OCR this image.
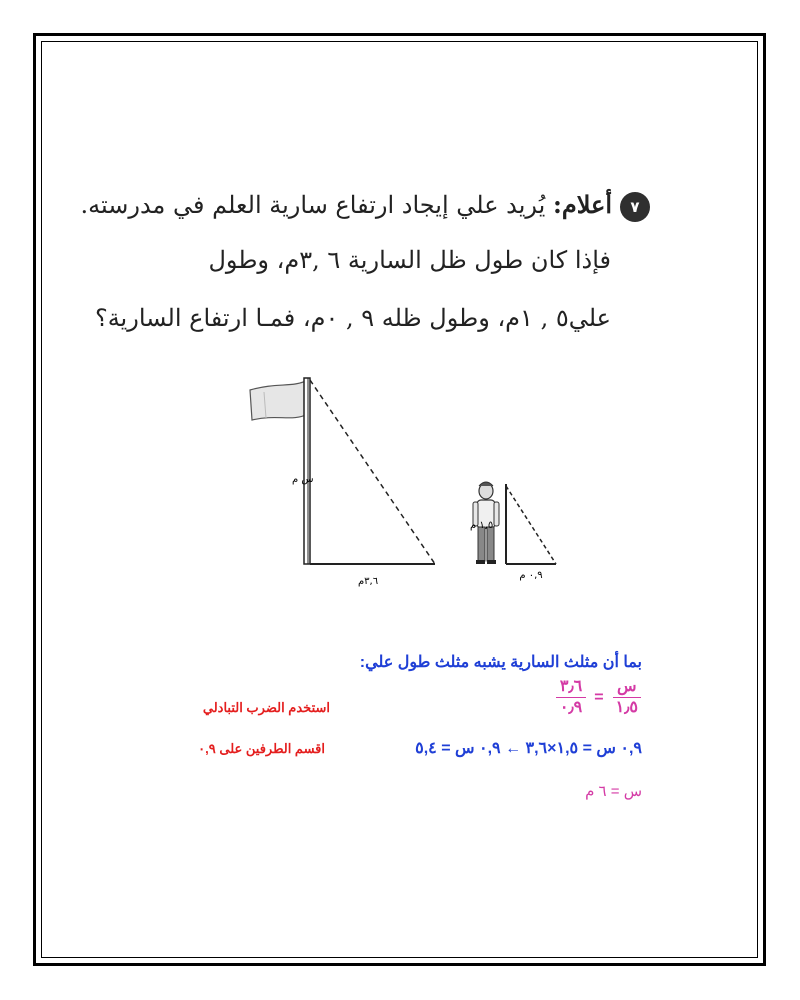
٧أعلام: يُريد علي إيجاد ارتفاع سارية العلم في مدرسته.
فإذا كان طول ظل السارية ٦ ,٣م، وطول
علي٥ , ١م، وطول ظله ٩ , ٠م، فمـا ارتفاع السارية؟
س م
٣,٦م
١,٥ م
٠,٩ م
بما أن مثلث السارية يشبه مثلث طول علي:
$\frac{\text{س}}{١٫٥}$
=
$\frac{٣٫٦}{٠٫٩}$
استخدم الضرب التبادلي
٠,٩ س = ١,٥×٣,٦ ← ٠,٩ س = ٥,٤
اقسم الطرفين على ٠,٩
س = ٦ م
